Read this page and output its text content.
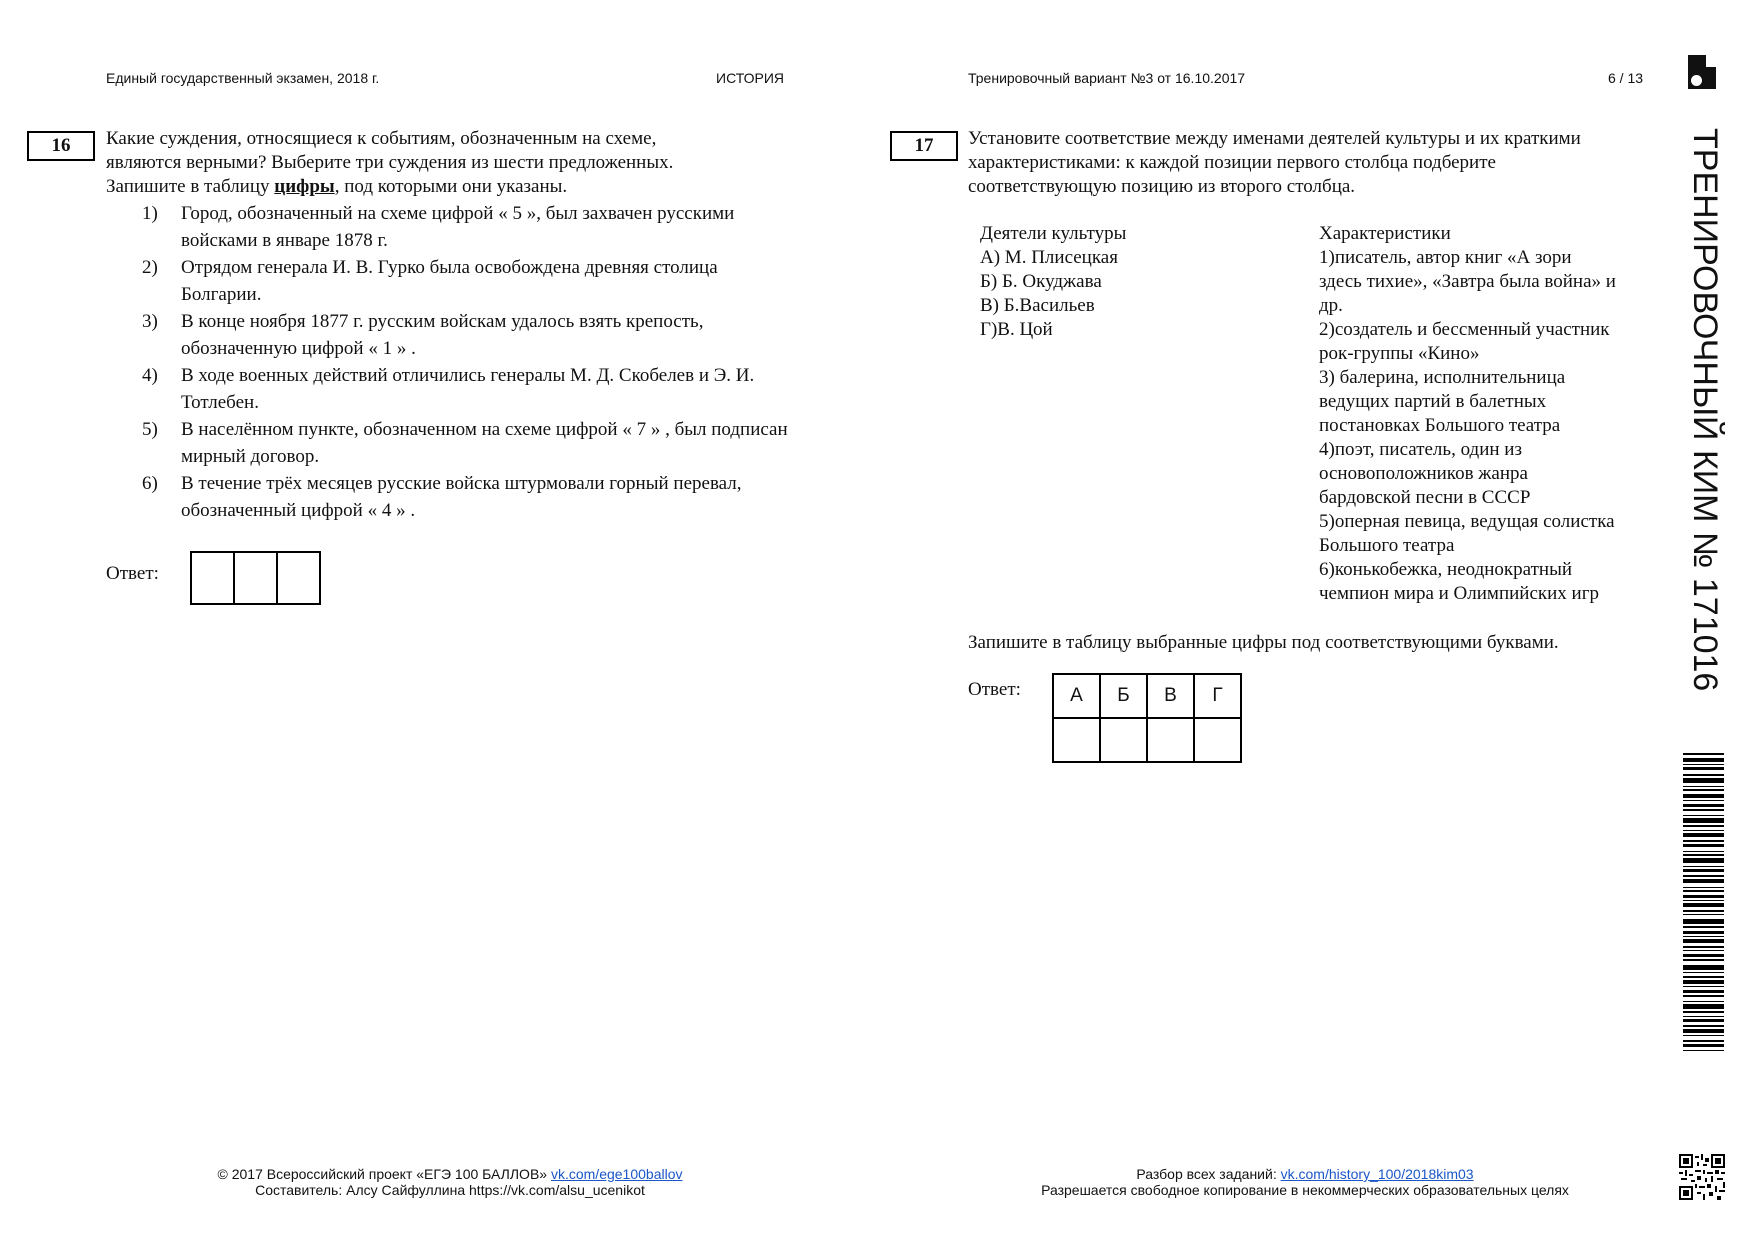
Единый государственный экзамен, 2018 г.	ИСТОРИЯ	Тренировочный вариант №3 от 16.10.2017	6 / 13
16	Какие суждения, относящиеся к событиям, обозначенным на схеме,
являются верными? Выберите три суждения из шести предложенных.
Запишите в таблицу цифры, под которыми они указаны.
1)	Город, обозначенный на схеме цифрой « 5 », был захвачен русскими войсками в январе 1878 г.
2)	Отрядом генерала И. В. Гурко была освобождена древняя столица Болгарии.
3)	В конце ноября 1877 г. русским войскам удалось взять крепость, обозначенную цифрой « 1 » .
4)	В ходе военных действий отличились генералы М. Д. Скобелев и Э. И. Тотлебен.
5)	В населённом пункте, обозначенном на схеме цифрой « 7 » , был подписан мирный договор.
6)	В течение трёх месяцев русские войска штурмовали горный перевал, обозначенный цифрой « 4 » .
Ответ:
17	Установите соответствие между именами деятелей культуры и их краткими
характеристиками: к каждой позиции первого столбца подберите
соответствующую позицию из второго столбца.
Деятели культуры
А) М. Плисецкая
Б) Б. Окуджава
В) Б.Васильев
Г)В. Цой
Характеристики
1)писатель, автор книг «А зори
здесь тихие», «Завтра была война» и
др.
2)создатель и бессменный участник
рок-группы «Кино»
3) балерина, исполнительница
ведущих партий в балетных
постановках Большого театра
4)поэт, писатель, один из
основоположников жанра
бардовской песни в СССР
5)оперная певица, ведущая солистка
Большого театра
6)конькобежка, неоднократный
чемпион мира и Олимпийских игр
Запишите в таблицу выбранные цифры под соответствующими буквами.
Ответ:	А	Б	В	Г

© 2017 Всероссийский проект «ЕГЭ 100 БАЛЛОВ» vk.com/ege100ballov
Составитель: Алсу Сайфуллина https://vk.com/alsu_ucenikot
Разбор всех заданий: vk.com/history_100/2018kim03
Разрешается свободное копирование в некоммерческих образовательных целях
ТРЕНИРОВОЧНЫЙ КИМ № 171016
